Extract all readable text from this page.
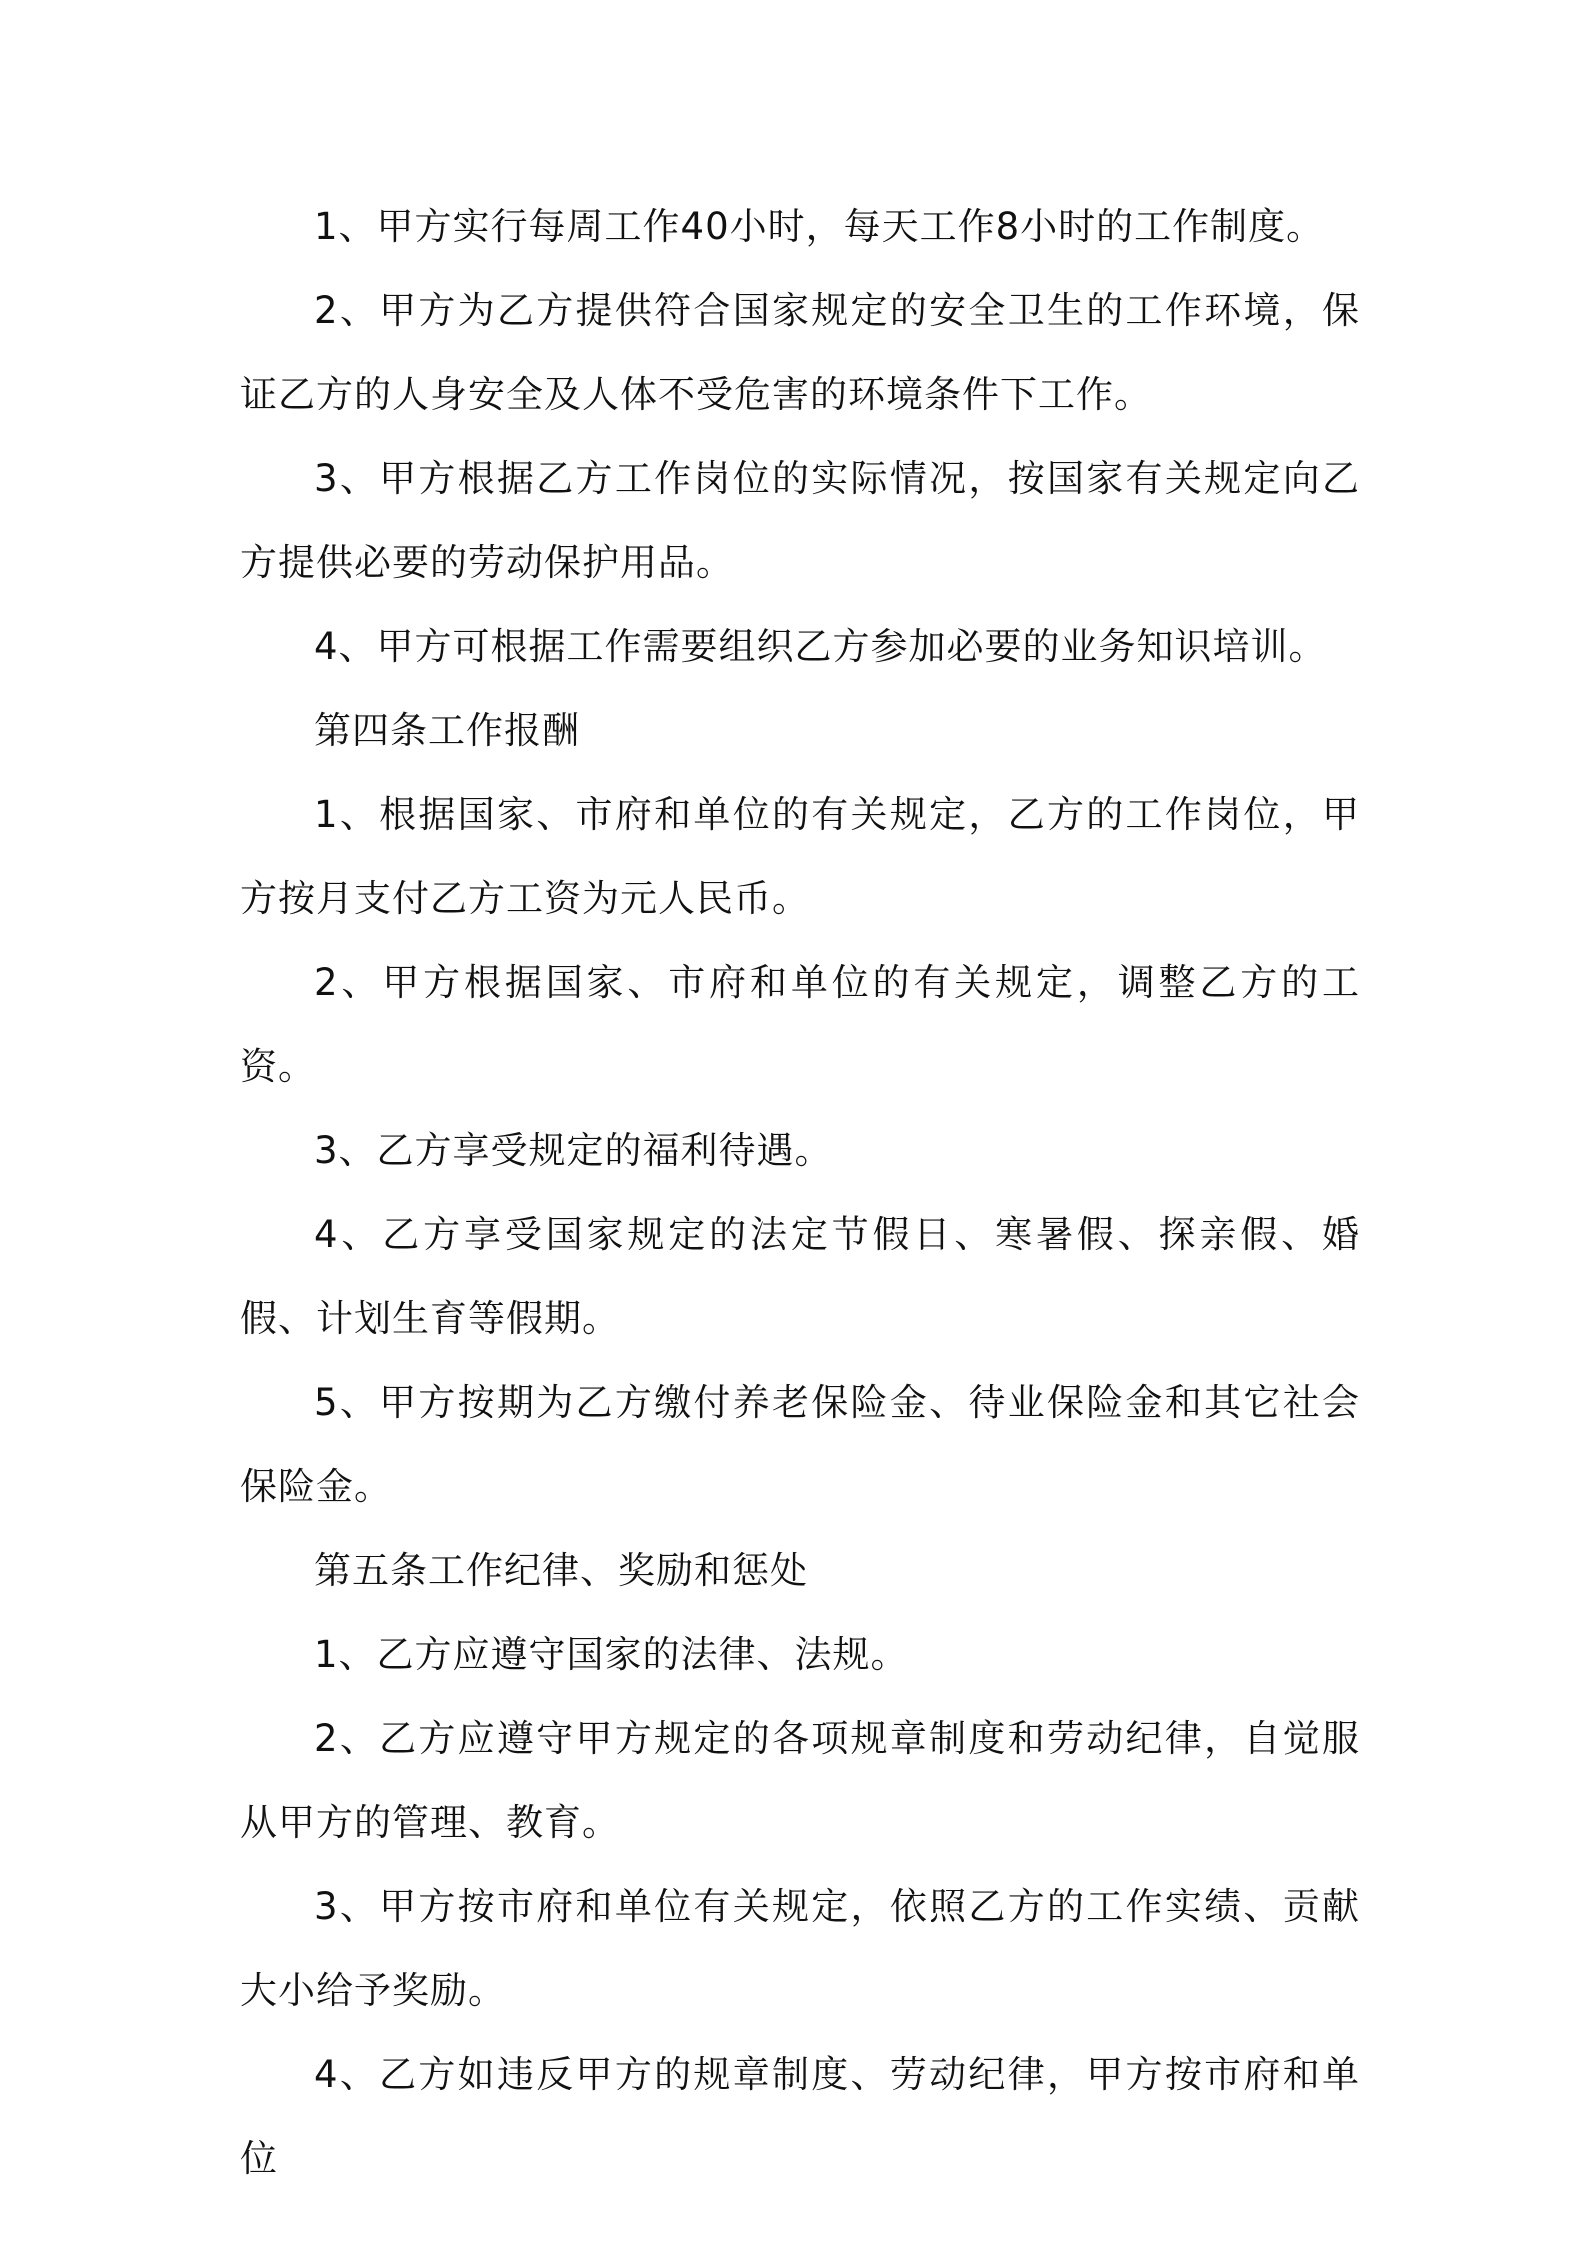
1、甲方实行每周工作40小时，每天工作8小时的工作制度。

2、甲方为乙方提供符合国家规定的安全卫生的工作环境，保证乙方的人身安全及人体不受危害的环境条件下工作。

3、甲方根据乙方工作岗位的实际情况，按国家有关规定向乙方提供必要的劳动保护用品。

4、甲方可根据工作需要组织乙方参加必要的业务知识培训。

第四条工作报酬

1、根据国家、市府和单位的有关规定，乙方的工作岗位，甲方按月支付乙方工资为元人民币。

2、甲方根据国家、市府和单位的有关规定，调整乙方的工资。

3、乙方享受规定的福利待遇。

4、乙方享受国家规定的法定节假日、寒暑假、探亲假、婚假、计划生育等假期。

5、甲方按期为乙方缴付养老保险金、待业保险金和其它社会保险金。

第五条工作纪律、奖励和惩处

1、乙方应遵守国家的法律、法规。

2、乙方应遵守甲方规定的各项规章制度和劳动纪律，自觉服从甲方的管理、教育。

3、甲方按市府和单位有关规定，依照乙方的工作实绩、贡献大小给予奖励。

4、乙方如违反甲方的规章制度、劳动纪律，甲方按市府和单位
